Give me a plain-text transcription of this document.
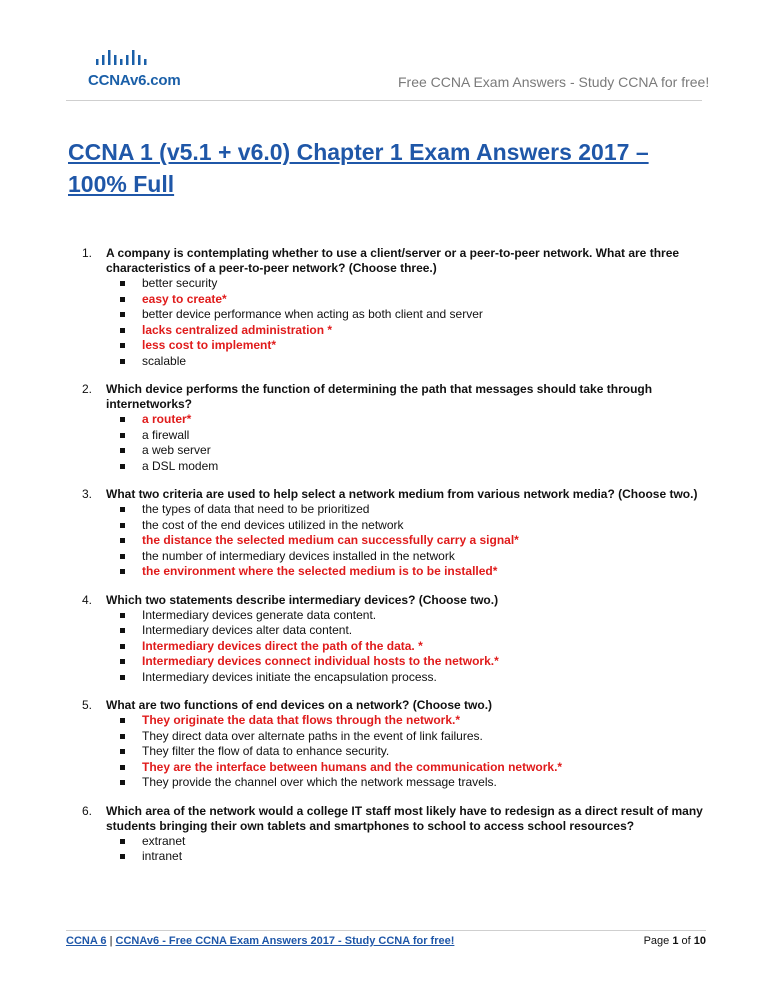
CCNAv6.com	Free CCNA Exam Answers - Study CCNA for free!
CCNA 1 (v5.1 + v6.0) Chapter 1 Exam Answers 2017 – 100% Full
1. A company is contemplating whether to use a client/server or a peer-to-peer network. What are three characteristics of a peer-to-peer network? (Choose three.)
better security
easy to create*
better device performance when acting as both client and server
lacks centralized administration *
less cost to implement*
scalable
2. Which device performs the function of determining the path that messages should take through internetworks?
a router*
a firewall
a web server
a DSL modem
3. What two criteria are used to help select a network medium from various network media? (Choose two.)
the types of data that need to be prioritized
the cost of the end devices utilized in the network
the distance the selected medium can successfully carry a signal*
the number of intermediary devices installed in the network
the environment where the selected medium is to be installed*
4. Which two statements describe intermediary devices? (Choose two.)
Intermediary devices generate data content.
Intermediary devices alter data content.
Intermediary devices direct the path of the data. *
Intermediary devices connect individual hosts to the network.*
Intermediary devices initiate the encapsulation process.
5. What are two functions of end devices on a network? (Choose two.)
They originate the data that flows through the network.*
They direct data over alternate paths in the event of link failures.
They filter the flow of data to enhance security.
They are the interface between humans and the communication network.*
They provide the channel over which the network message travels.
6. Which area of the network would a college IT staff most likely have to redesign as a direct result of many students bringing their own tablets and smartphones to school to access school resources?
extranet
intranet
CCNA 6 | CCNAv6 - Free CCNA Exam Answers 2017 - Study CCNA for free!	Page 1 of 10
